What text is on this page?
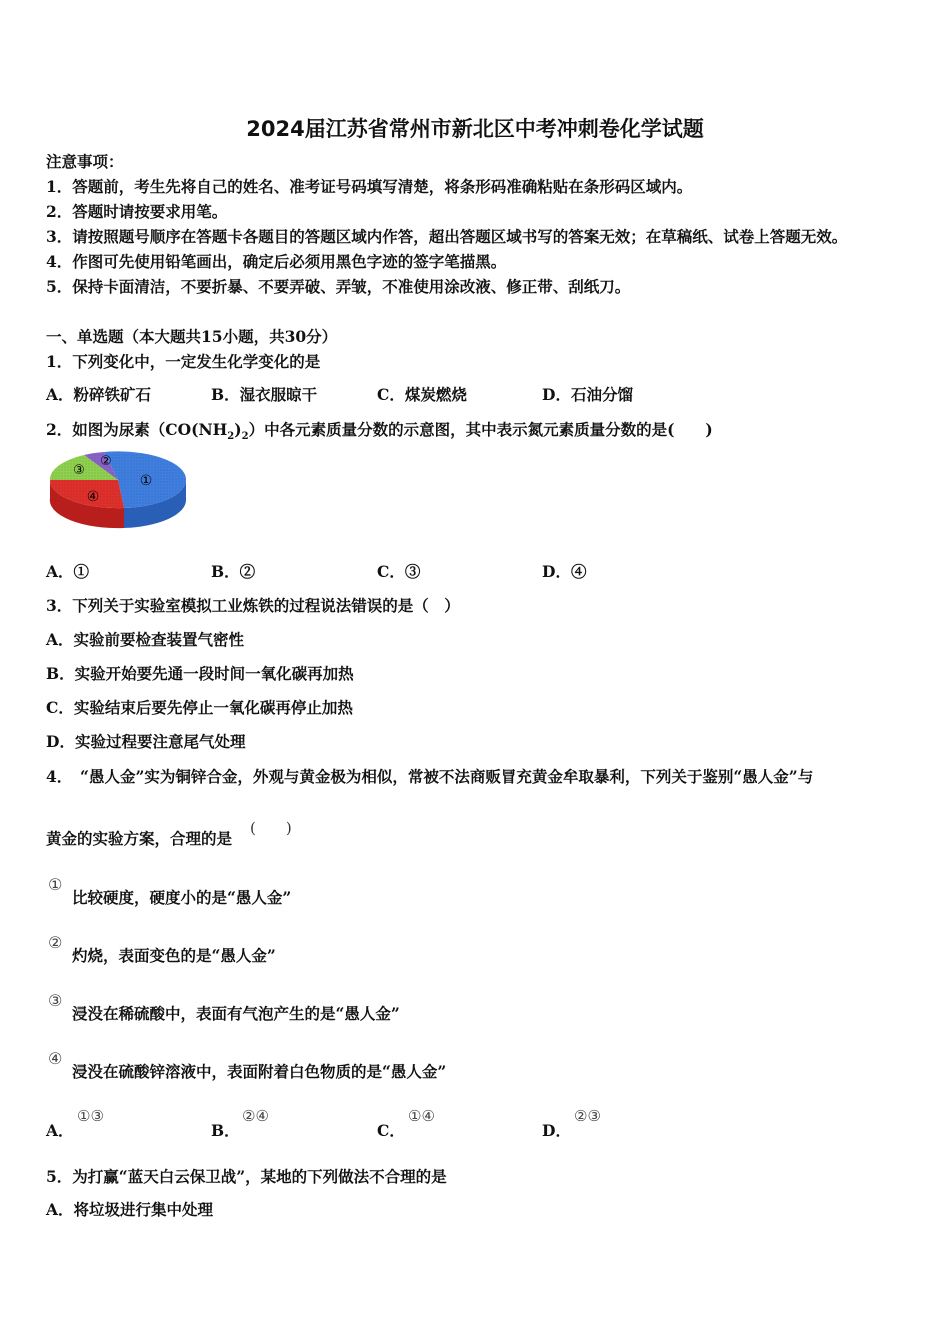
2024届江苏省常州市新北区中考冲刺卷化学试题
注意事项：
1．答题前，考生先将自己的姓名、准考证号码填写清楚，将条形码准确粘贴在条形码区域内。
2．答题时请按要求用笔。
3．请按照题号顺序在答题卡各题目的答题区域内作答，超出答题区域书写的答案无效；在草稿纸、试卷上答题无效。
4．作图可先使用铅笔画出，确定后必须用黑色字迹的签字笔描黑。
5．保持卡面清洁，不要折暴、不要弄破、弄皱，不准使用涂改液、修正带、刮纸刀。
一、单选题（本大题共15小题，共30分）
1．下列变化中，一定发生化学变化的是
A．粉碎铁矿石	B．湿衣服晾干	C．煤炭燃烧	D．石油分馏
2．如图为尿素$(CO(NH_2)_2)$中各元素质量分数的示意图，其中表示氮元素质量分数的是(　　)
①
②
③
④
A．①	B．②	C．③	D．④
3．下列关于实验室模拟工业炼铁的过程说法错误的是（　）
A．实验前要检查装置气密性
B．实验开始要先通一段时间一氧化碳再加热
C．实验结束后要先停止一氧化碳再停止加热
D．实验过程要注意尾气处理
4．　“愚人金”实为铜锌合金，外观与黄金极为相似，常被不法商贩冒充黄金牟取暴利，下列关于鉴别“愚人金”与
黄金的实验方案，合理的是
(　　)
①
比较硬度，硬度小的是“愚人金”
②
灼烧，表面变色的是“愚人金”
③
浸没在稀硫酸中，表面有气泡产生的是“愚人金”
④
浸没在硫酸锌溶液中，表面附着白色物质的是“愚人金”
A．
①③
B．
②④
C．
①④
D．
②③
5．为打赢“蓝天白云保卫战”，某地的下列做法不合理的是
A．将垃圾进行集中处理
